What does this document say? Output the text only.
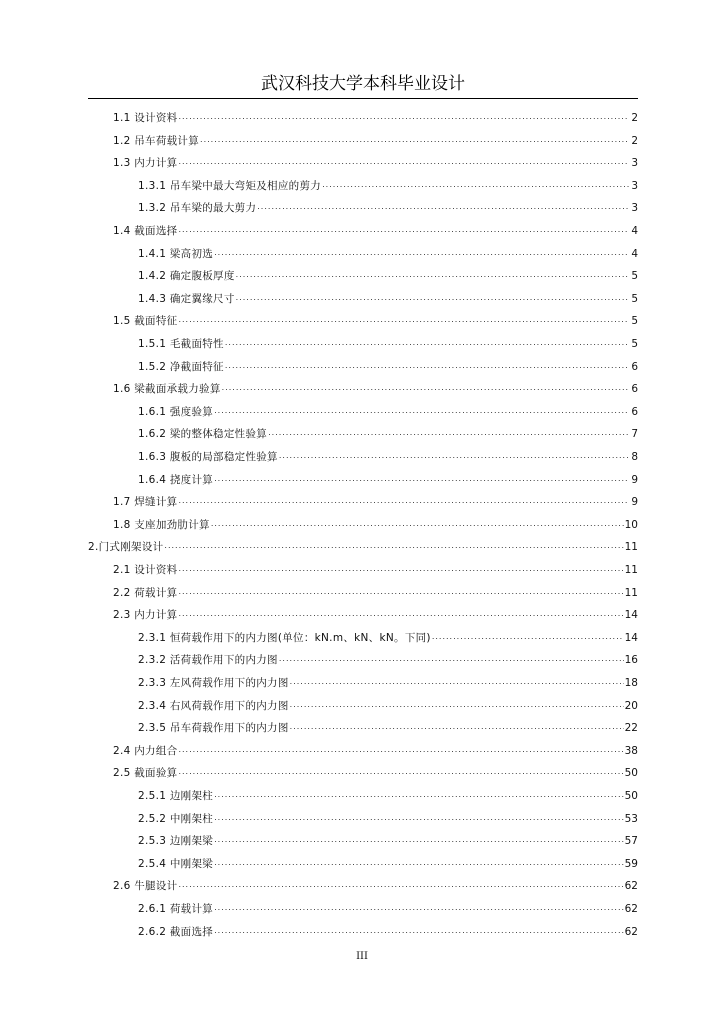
武汉科技大学本科毕业设计
1.1 设计资料 .....	2
1.2 吊车荷载计算 .....	2
1.3 内力计算 .....	3
1.3.1 吊车梁中最大弯矩及相应的剪力 .....	3
1.3.2 吊车梁的最大剪力 .....	3
1.4 截面选择 .....	4
1.4.1 梁高初选 .....	4
1.4.2 确定腹板厚度 .....	5
1.4.3 确定翼缘尺寸 .....	5
1.5 截面特征 .....	5
1.5.1 毛截面特性 .....	5
1.5.2 净截面特征 .....	6
1.6 梁截面承载力验算 .....	6
1.6.1 强度验算 .....	6
1.6.2 梁的整体稳定性验算 .....	7
1.6.3 腹板的局部稳定性验算 .....	8
1.6.4 挠度计算 .....	9
1.7 焊缝计算 .....	9
1.8 支座加劲肋计算 .....	10
2.门式刚架设计 .....	11
2.1 设计资料 .....	11
2.2 荷载计算 .....	11
2.3 内力计算 .....	14
2.3.1 恒荷载作用下的内力图(单位：kN.m、kN、kN。下同) .....	14
2.3.2 活荷载作用下的内力图 .....	16
2.3.3 左风荷载作用下的内力图 .....	18
2.3.4 右风荷载作用下的内力图 .....	20
2.3.5 吊车荷载作用下的内力图 .....	22
2.4 内力组合 .....	38
2.5 截面验算 .....	50
2.5.1 边刚架柱 .....	50
2.5.2 中刚架柱 .....	53
2.5.3 边刚架梁 .....	57
2.5.4 中刚架梁 .....	59
2.6 牛腿设计 .....	62
2.6.1 荷载计算 .....	62
2.6.2 截面选择 .....	62
III
